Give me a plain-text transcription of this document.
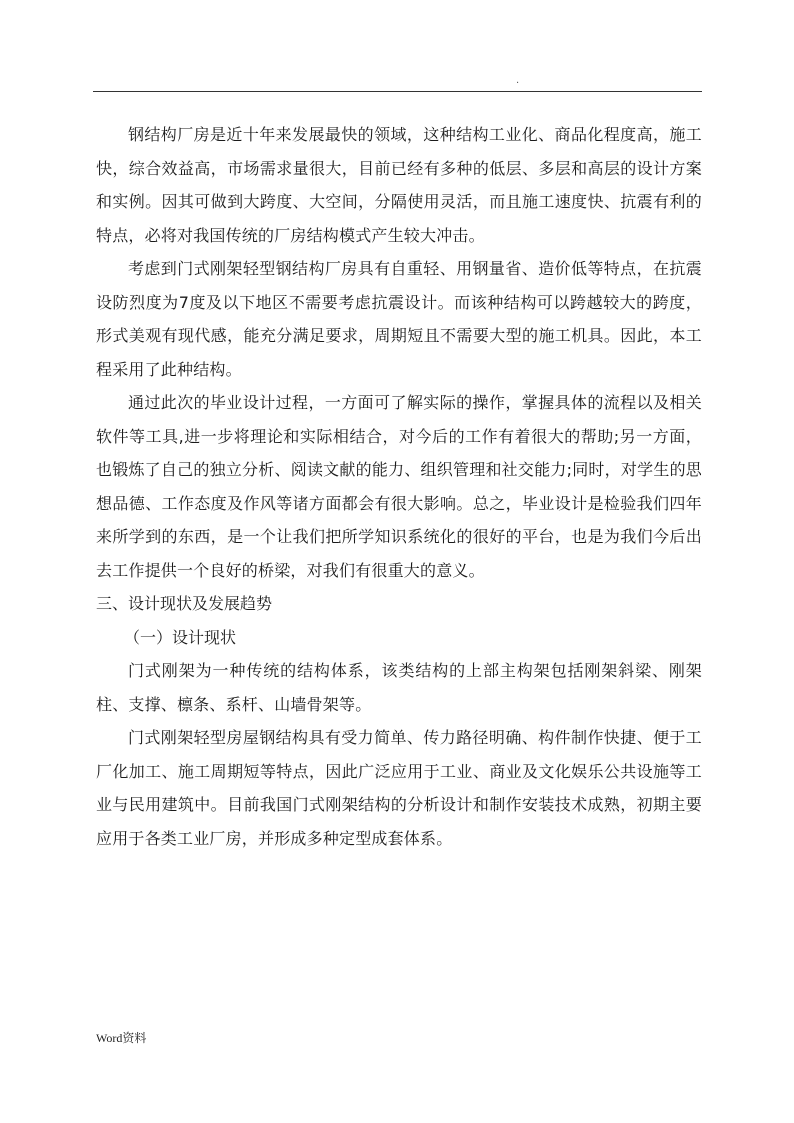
.

钢结构厂房是近十年来发展最快的领域，这种结构工业化、商品化程度高，施工快，综合效益高，市场需求量很大，目前已经有多种的低层、多层和高层的设计方案和实例。因其可做到大跨度、大空间，分隔使用灵活，而且施工速度快、抗震有利的特点，必将对我国传统的厂房结构模式产生较大冲击。

考虑到门式刚架轻型钢结构厂房具有自重轻、用钢量省、造价低等特点，在抗震设防烈度为7度及以下地区不需要考虑抗震设计。而该种结构可以跨越较大的跨度，形式美观有现代感，能充分满足要求，周期短且不需要大型的施工机具。因此，本工程采用了此种结构。

通过此次的毕业设计过程，一方面可了解实际的操作，掌握具体的流程以及相关软件等工具,进一步将理论和实际相结合，对今后的工作有着很大的帮助;另一方面，也锻炼了自己的独立分析、阅读文献的能力、组织管理和社交能力;同时，对学生的思想品德、工作态度及作风等诸方面都会有很大影响。总之，毕业设计是检验我们四年来所学到的东西，是一个让我们把所学知识系统化的很好的平台，也是为我们今后出去工作提供一个良好的桥梁，对我们有很重大的意义。

三、设计现状及发展趋势

（一）设计现状

门式刚架为一种传统的结构体系，该类结构的上部主构架包括刚架斜梁、刚架柱、支撑、檩条、系杆、山墙骨架等。

门式刚架轻型房屋钢结构具有受力简单、传力路径明确、构件制作快捷、便于工厂化加工、施工周期短等特点，因此广泛应用于工业、商业及文化娱乐公共设施等工业与民用建筑中。目前我国门式刚架结构的分析设计和制作安装技术成熟，初期主要应用于各类工业厂房，并形成多种定型成套体系。

Word资料
